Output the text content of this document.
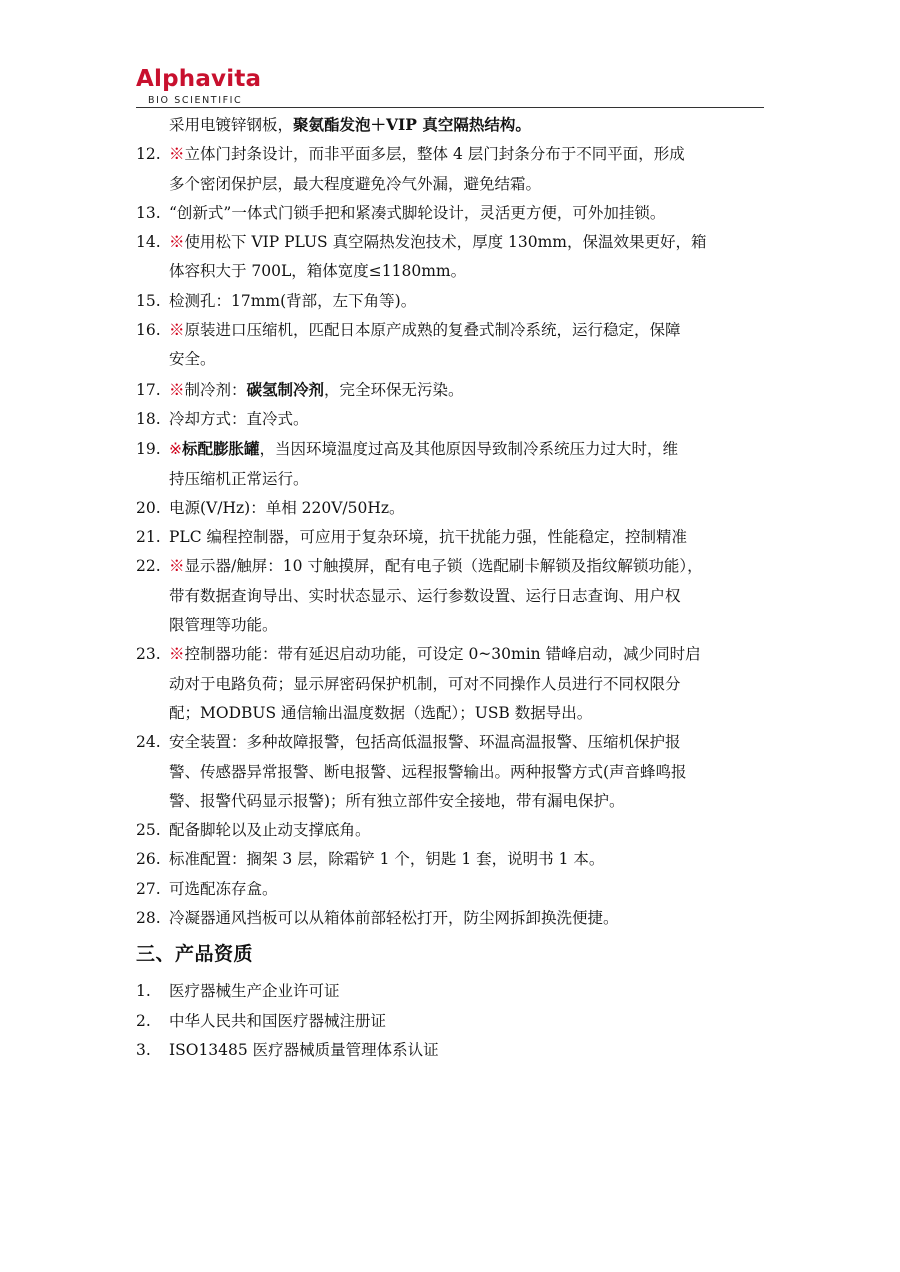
Alphavita
BIO SCIENTIFIC
采用电镀锌钢板，聚氨酯发泡＋VIP 真空隔热结构。
12. ※立体门封条设计，而非平面多层，整体 4 层门封条分布于不同平面，形成
多个密闭保护层，最大程度避免冷气外漏，避免结霜。
13. “创新式”一体式门锁手把和紧凑式脚轮设计，灵活更方便，可外加挂锁。
14. ※使用松下 VIP PLUS 真空隔热发泡技术，厚度 130mm，保温效果更好，箱
体容积大于 700L，箱体宽度≤1180mm。
15. 检测孔：17mm(背部，左下角等)。
16. ※原装进口压缩机，匹配日本原产成熟的复叠式制冷系统，运行稳定，保障
安全。
17. ※制冷剂：碳氢制冷剂，完全环保无污染。
18. 冷却方式：直冷式。
19. ※标配膨胀罐，当因环境温度过高及其他原因导致制冷系统压力过大时，维
持压缩机正常运行。
20. 电源(V/Hz)：单相 220V/50Hz。
21. PLC 编程控制器，可应用于复杂环境，抗干扰能力强，性能稳定，控制精准
22. ※显示器/触屏：10 寸触摸屏，配有电子锁（选配刷卡解锁及指纹解锁功能），
带有数据查询导出、实时状态显示、运行参数设置、运行日志查询、用户权
限管理等功能。
23. ※控制器功能：带有延迟启动功能，可设定 0~30min 错峰启动，减少同时启
动对于电路负荷；显示屏密码保护机制，可对不同操作人员进行不同权限分
配；MODBUS 通信输出温度数据（选配）；USB 数据导出。
24. 安全装置：多种故障报警，包括高低温报警、环温高温报警、压缩机保护报
警、传感器异常报警、断电报警、远程报警输出。两种报警方式(声音蜂鸣报
警、报警代码显示报警)；所有独立部件安全接地，带有漏电保护。
25. 配备脚轮以及止动支撑底角。
26. 标准配置：搁架 3 层，除霜铲 1 个，钥匙 1 套，说明书 1 本。
27. 可选配冻存盒。
28. 冷凝器通风挡板可以从箱体前部轻松打开，防尘网拆卸换洗便捷。
三、产品资质
1. 医疗器械生产企业许可证
2. 中华人民共和国医疗器械注册证
3. ISO13485 医疗器械质量管理体系认证
